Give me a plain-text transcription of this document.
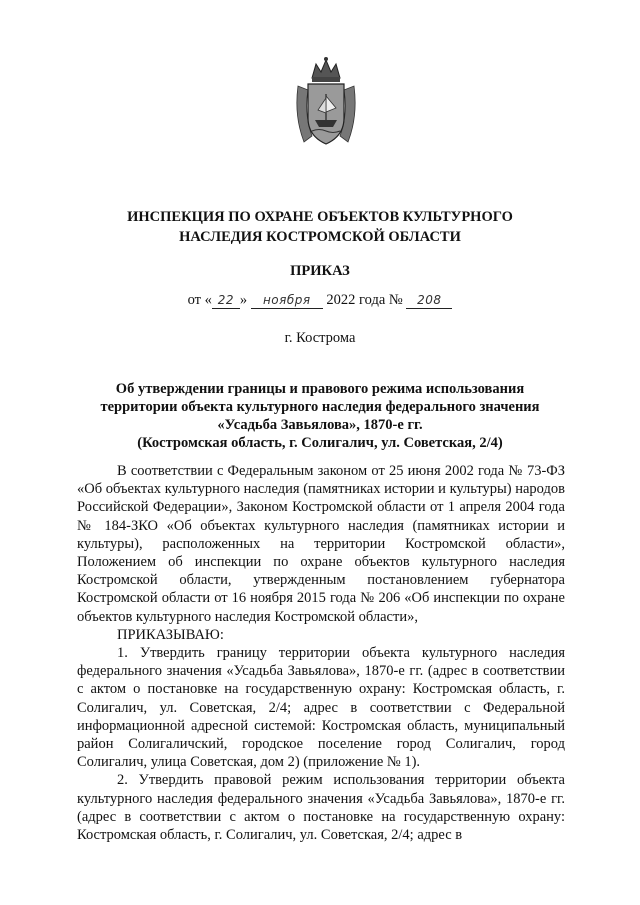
ИНСПЕКЦИЯ ПО ОХРАНЕ ОБЪЕКТОВ КУЛЬТУРНОГО
НАСЛЕДИЯ КОСТРОМСКОЙ ОБЛАСТИ
ПРИКАЗ
от « 22 » ноября 2022 года № 208
г. Кострома
Об утверждении границы и правового режима использования
территории объекта культурного наследия федерального значения
«Усадьба Завьялова», 1870-е гг.
(Костромская область, г. Солигалич, ул. Советская, 2/4)

В соответствии с Федеральным законом от 25 июня 2002 года № 73-ФЗ «Об объектах культурного наследия (памятниках истории и культуры) народов Российской Федерации», Законом Костромской области от 1 апреля 2004 года № 184-ЗКО «Об объектах культурного наследия (памятниках истории и культуры), расположенных на территории Костромской области», Положением об инспекции по охране объектов культурного наследия Костромской области, утвержденным постановлением губернатора Костромской области от 16 ноября 2015 года № 206 «Об инспекции по охране объектов культурного наследия Костромской области»,

ПРИКАЗЫВАЮ:

1. Утвердить границу территории объекта культурного наследия федерального значения «Усадьба Завьялова», 1870-е гг. (адрес в соответствии с актом о постановке на государственную охрану: Костромская область, г. Солигалич, ул. Советская, 2/4; адрес в соответствии с Федеральной информационной адресной системой: Костромская область, муниципальный район Солигаличский, городское поселение город Солигалич, город Солигалич, улица Советская, дом 2) (приложение № 1).

2. Утвердить правовой режим использования территории объекта культурного наследия федерального значения «Усадьба Завьялова», 1870-е гг. (адрес в соответствии с актом о постановке на государственную охрану: Костромская область, г. Солигалич, ул. Советская, 2/4; адрес в
